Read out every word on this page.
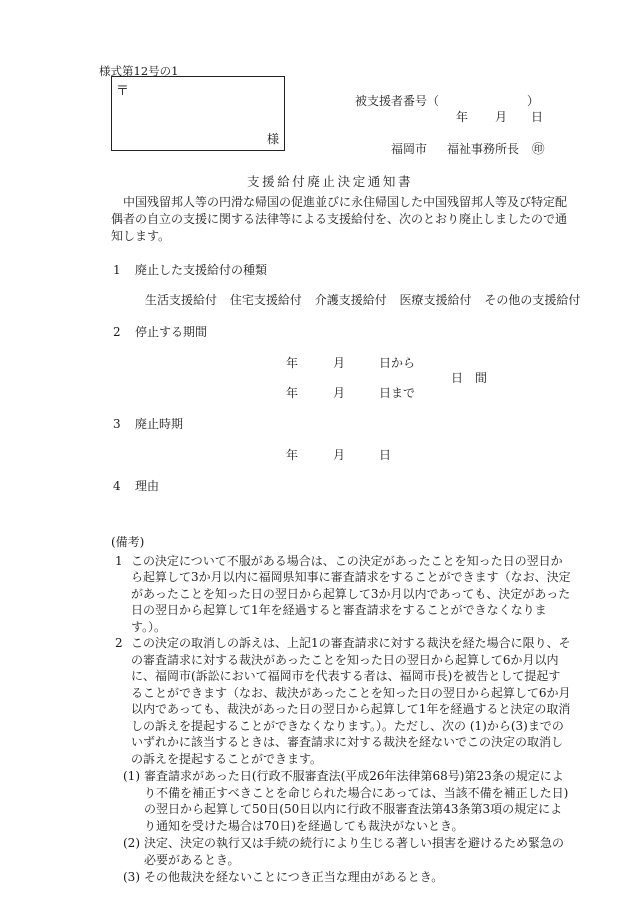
様式第12号の1
〒
様
被支援者番号（	）
年 月 日
福岡市 福祉事務所長 ㊞
支援給付廃止決定通知書

中国残留邦人等の円滑な帰国の促進並びに永住帰国した中国残留邦人等及び特定配偶者の自立の支援に関する法律等による支援給付を、次のとおり廃止しましたので通知します。

1 廃止した支援給付の種類
生活支援給付 住宅支援給付 介護支援給付 医療支援給付 その他の支援給付
2 停止する期間
年	月	日から
日　間
年	月	日まで
3 廃止時期
年	月	日
4 理由

(備考)

1 この決定について不服がある場合は、この決定があったことを知った日の翌日から起算して3か月以内に福岡県知事に審査請求をすることができます（なお、決定があったことを知った日の翌日から起算して3か月以内であっても、決定があった日の翌日から起算して1年を経過すると審査請求をすることができなくなります。）。

2 この決定の取消しの訴えは、上記1の審査請求に対する裁決を経た場合に限り、その審査請求に対する裁決があったことを知った日の翌日から起算して6か月以内に、福岡市(訴訟において福岡市を代表する者は、福岡市長)を被告として提起することができます（なお、裁決があったことを知った日の翌日から起算して6か月以内であっても、裁決があった日の翌日から起算して1年を経過すると決定の取消しの訴えを提起することができなくなります。）。ただし、次の (1)から(3)までのいずれかに該当するときは、審査請求に対する裁決を経ないでこの決定の取消しの訴えを提起することができます。

(1) 審査請求があった日(行政不服審査法(平成26年法律第68号)第23条の規定により不備を補正すべきことを命じられた場合にあっては、当該不備を補正した日)の翌日から起算して50日(50日以内に行政不服審査法第43条第3項の規定により通知を受けた場合は70日)を経過しても裁決がないとき。

(2) 決定、決定の執行又は手続の続行により生じる著しい損害を避けるため緊急の必要があるとき。

(3) その他裁決を経ないことにつき正当な理由があるとき。
